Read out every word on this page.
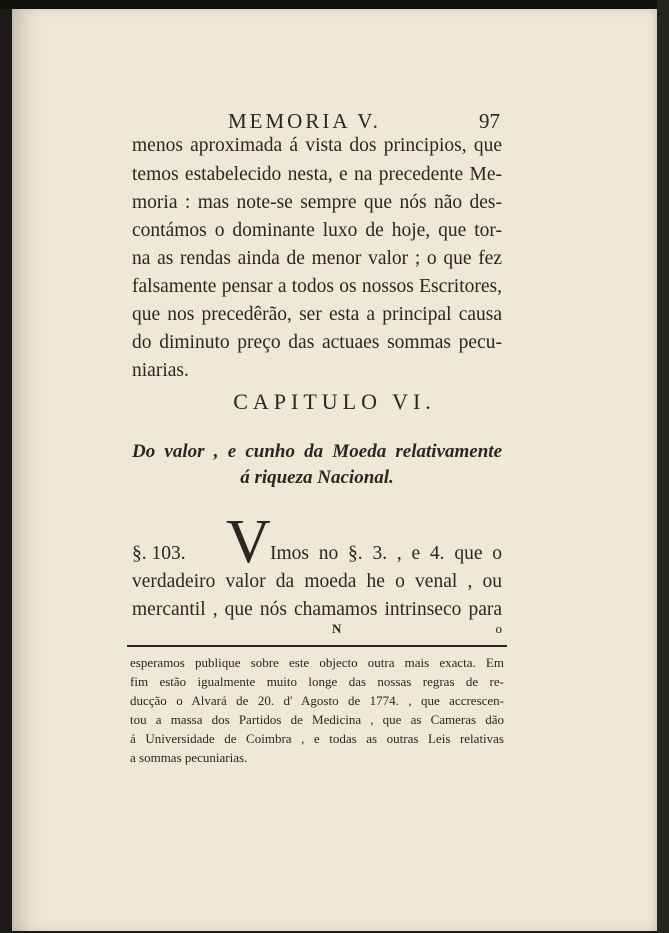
MEMORIA V.	97
menos aproximada á vista dos principios, que
temos estabelecido nesta, e na precedente Me-
moria : mas note-se sempre que nós não des-
contámos o dominante luxo de hoje, que tor-
na as rendas ainda de menor valor ; o que fez
falsamente pensar a todos os nossos Escritores,
que nos precedêrão, ser esta a principal causa
do diminuto preço das actuaes sommas pecu-
niarias.
CAPITULO VI.
Do valor , e cunho da Moeda relativamente
á riqueza Nacional.
V
§. 103.	Imos no §. 3. , e 4. que o
verdadeiro valor da moeda he o venal , ou
mercantil , que nós chamamos intrinseco para
N	o
esperamos publique sobre este objecto outra mais exacta. Em
fim estão igualmente muito longe das nossas regras de re-
ducção o Alvará de 20. d' Agosto de 1774. , que accrescen-
tou a massa dos Partidos de Medicina , que as Cameras dão
á Universidade de Coimbra , e todas as outras Leis relativas
a sommas pecuniarias.
